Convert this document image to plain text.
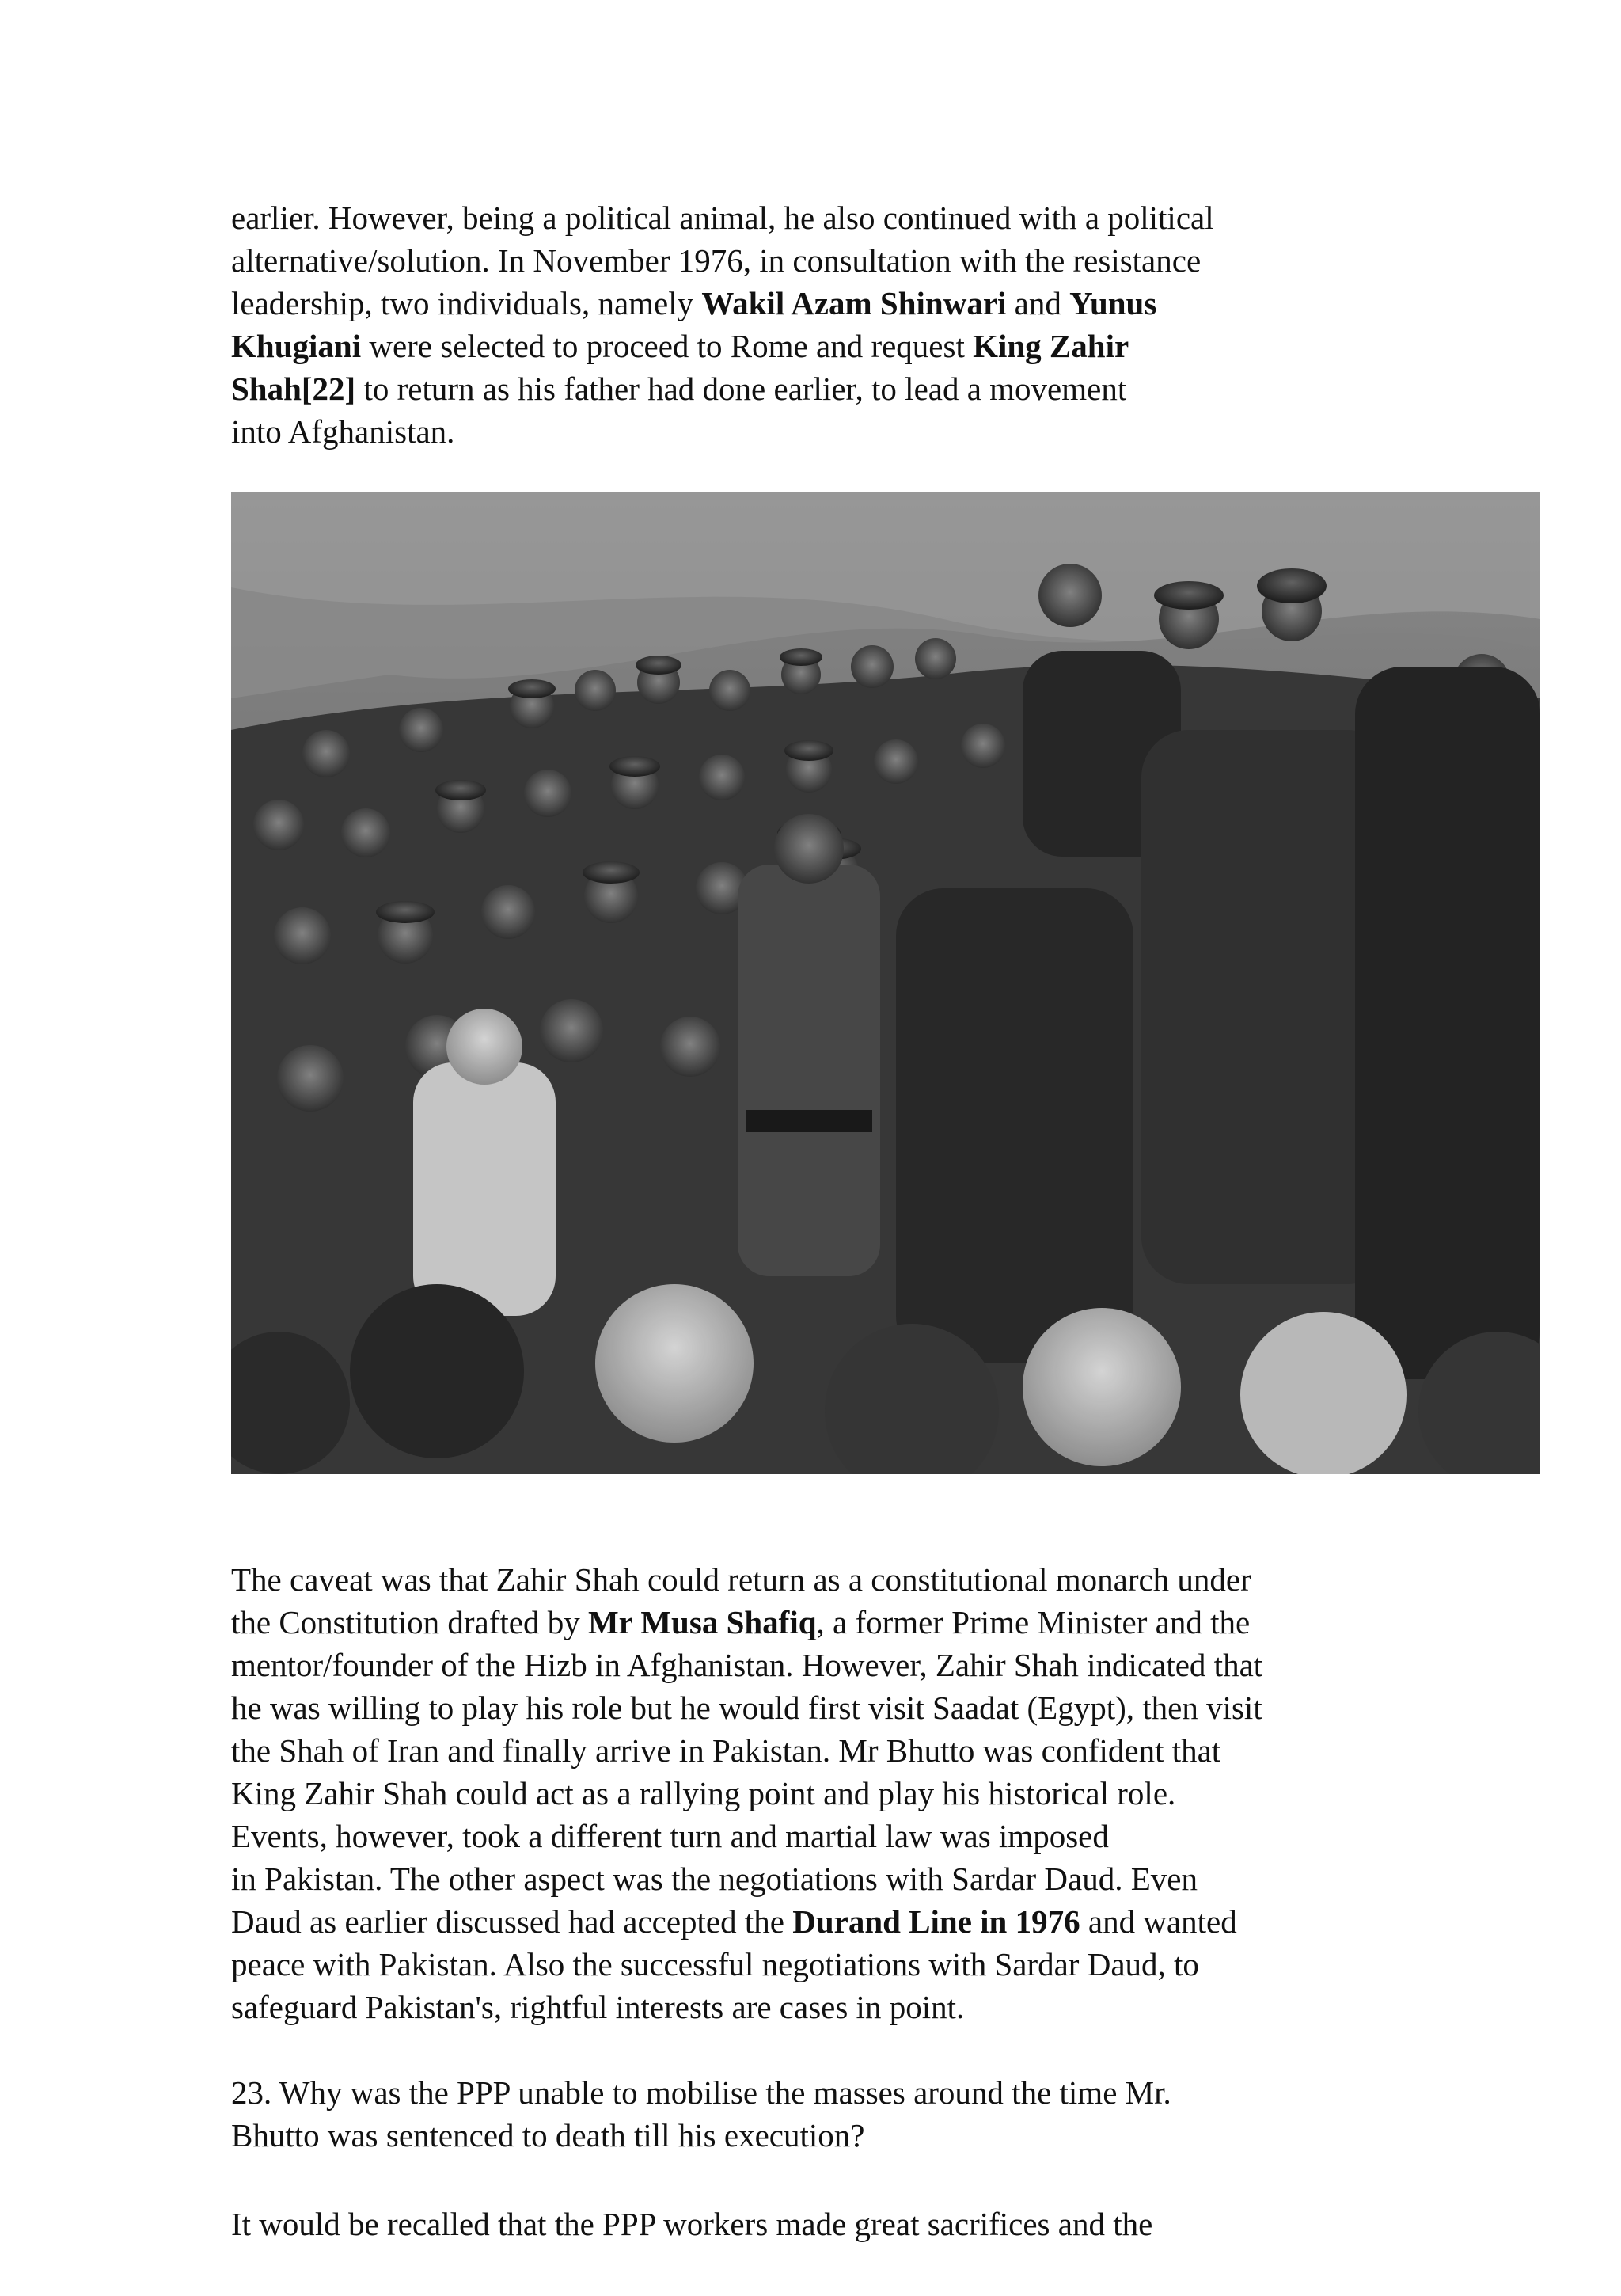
earlier. However, being a political animal, he also continued with a political
alternative/solution. In November 1976, in consultation with the resistance
leadership, two individuals, namely Wakil Azam Shinwari and Yunus
Khugiani were selected to proceed to Rome and request King Zahir
Shah[22] to return as his father had done earlier, to lead a movement
into Afghanistan.

The caveat was that Zahir Shah could return as a constitutional monarch under
the Constitution drafted by Mr Musa Shafiq, a former Prime Minister and the
mentor/founder of the Hizb in Afghanistan. However, Zahir Shah indicated that
he was willing to play his role but he would first visit Saadat (Egypt), then visit
the Shah of Iran and finally arrive in Pakistan. Mr Bhutto was confident that
King Zahir Shah could act as a rallying point and play his historical role.
Events, however, took a different turn and martial law was imposed
in Pakistan. The other aspect was the negotiations with Sardar Daud. Even
Daud as earlier discussed had accepted the Durand Line in 1976 and wanted
peace with Pakistan. Also the successful negotiations with Sardar Daud, to
safeguard Pakistan's, rightful interests are cases in point.

23. Why was the PPP unable to mobilise the masses around the time Mr.
Bhutto was sentenced to death till his execution?

It would be recalled that the PPP workers made great sacrifices and the
